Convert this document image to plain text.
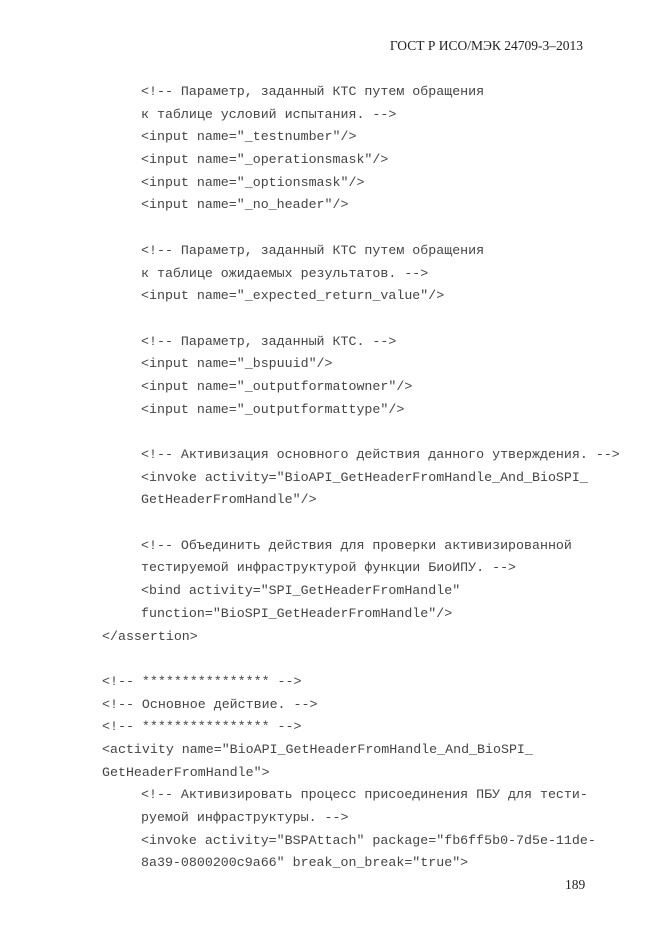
ГОСТ Р ИСО/МЭК 24709-3–2013
<!-- Параметр, заданный КТС путем обращения
к таблице условий испытания. -->
<input name="_testnumber"/>
<input name="_operationsmask"/>
<input name="_optionsmask"/>
<input name="_no_header"/>
<!-- Параметр, заданный КТС путем обращения
к таблице ожидаемых результатов. -->
<input name="_expected_return_value"/>
<!-- Параметр, заданный КТС. -->
<input name="_bspuuid"/>
<input name="_outputformatowner"/>
<input name="_outputformattype"/>
<!-- Активизация основного действия данного утверждения. -->
<invoke activity="BioAPI_GetHeaderFromHandle_And_BioSPI_
GetHeaderFromHandle"/>
<!-- Объединить действия для проверки активизированной
тестируемой инфраструктурой функции БиоИПУ. -->
<bind activity="SPI_GetHeaderFromHandle"
function="BioSPI_GetHeaderFromHandle"/>
</assertion>
<!-- **************** -->
<!-- Основное действие. -->
<!-- **************** -->
<activity name="BioAPI_GetHeaderFromHandle_And_BioSPI_
GetHeaderFromHandle">
<!-- Активизировать процесс присоединения ПБУ для тести-
руемой инфраструктуры. -->
<invoke activity="BSPAttach" package="fb6ff5b0-7d5e-11de-
8a39-0800200c9a66" break_on_break="true">
189
